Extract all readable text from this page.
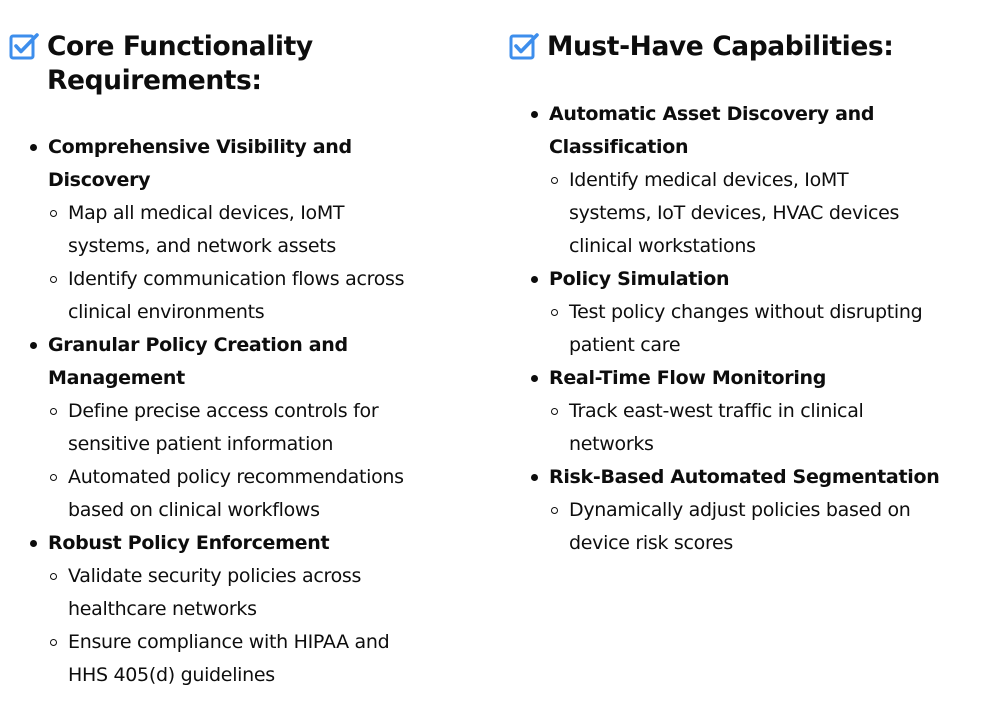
Core Functionality
Requirements:
Comprehensive Visibility and
Discovery
Map all medical devices, IoMT
systems, and network assets
Identify communication flows across
clinical environments
Granular Policy Creation and
Management
Define precise access controls for
sensitive patient information
Automated policy recommendations
based on clinical workflows
Robust Policy Enforcement
Validate security policies across
healthcare networks
Ensure compliance with HIPAA and
HHS 405(d) guidelines
Must-Have Capabilities:
Automatic Asset Discovery and
Classification
Identify medical devices, IoMT
systems, IoT devices, HVAC devices
clinical workstations
Policy Simulation
Test policy changes without disrupting
patient care
Real-Time Flow Monitoring
Track east-west traffic in clinical
networks
Risk-Based Automated Segmentation
Dynamically adjust policies based on
device risk scores
